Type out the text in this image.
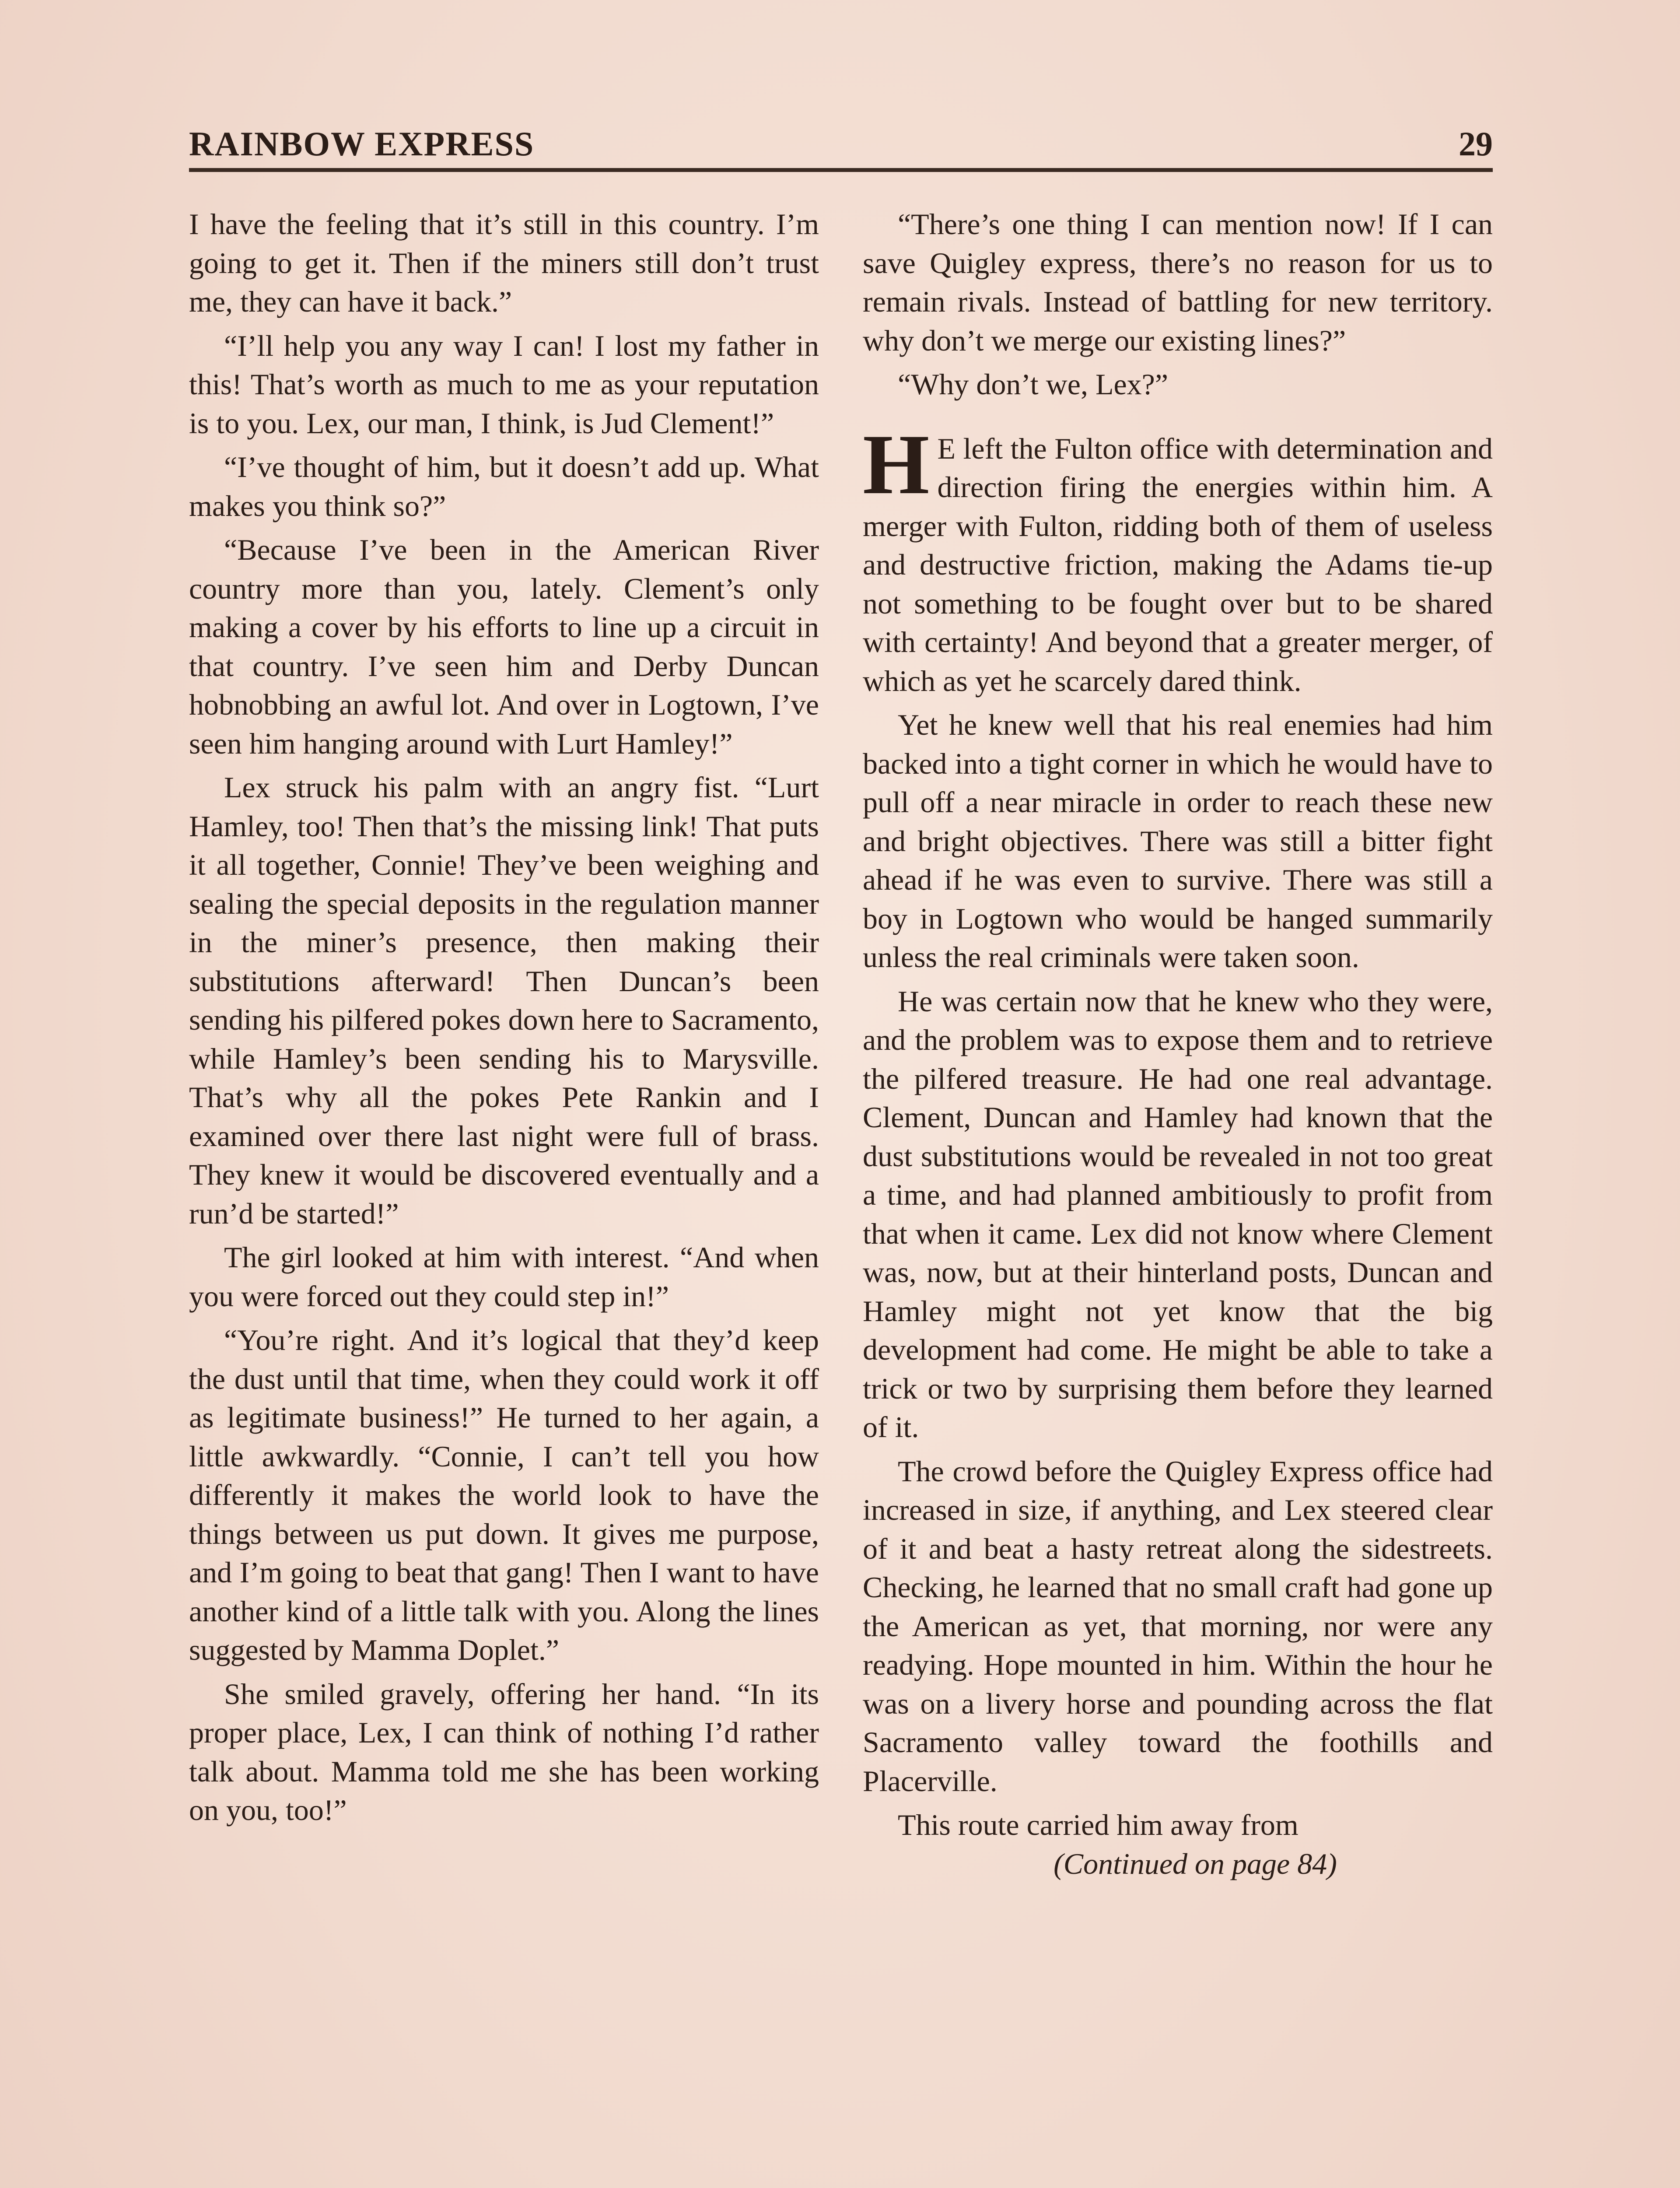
RAINBOW EXPRESS	29

I have the feeling that it’s still in this country. I’m going to get it. Then if the miners still don’t trust me, they can have it back.”

“I’ll help you any way I can! I lost my father in this! That’s worth as much to me as your reputation is to you. Lex, our man, I think, is Jud Clement!”

“I’ve thought of him, but it doesn’t add up. What makes you think so?”

“Because I’ve been in the American River country more than you, lately. Clement’s only making a cover by his efforts to line up a circuit in that country. I’ve seen him and Derby Duncan hobnobbing an awful lot. And over in Logtown, I’ve seen him hanging around with Lurt Hamley!”

Lex struck his palm with an angry fist. “Lurt Hamley, too! Then that’s the missing link! That puts it all together, Connie! They’ve been weighing and sealing the special deposits in the regulation manner in the miner’s presence, then making their substitutions afterward! Then Duncan’s been sending his pilfered pokes down here to Sacramento, while Hamley’s been sending his to Marysville. That’s why all the pokes Pete Rankin and I examined over there last night were full of brass. They knew it would be discovered eventually and a run’d be started!”

The girl looked at him with interest. “And when you were forced out they could step in!”

“You’re right. And it’s logical that they’d keep the dust until that time, when they could work it off as legitimate business!” He turned to her again, a little awkwardly. “Connie, I can’t tell you how differently it makes the world look to have the things between us put down. It gives me purpose, and I’m going to beat that gang! Then I want to have another kind of a little talk with you. Along the lines suggested by Mamma Doplet.”

She smiled gravely, offering her hand. “In its proper place, Lex, I can think of nothing I’d rather talk about. Mamma told me she has been working on you, too!”

“There’s one thing I can mention now! If I can save Quigley express, there’s no reason for us to remain rivals. Instead of battling for new territory. why don’t we merge our existing lines?”

“Why don’t we, Lex?”

H E left the Fulton office with determination and direction firing the energies within him. A merger with Fulton, ridding both of them of useless and destructive friction, making the Adams tie-up not something to be fought over but to be shared with certainty! And beyond that a greater merger, of which as yet he scarcely dared think.

Yet he knew well that his real enemies had him backed into a tight corner in which he would have to pull off a near miracle in order to reach these new and bright objectives. There was still a bitter fight ahead if he was even to survive. There was still a boy in Logtown who would be hanged summarily unless the real criminals were taken soon.

He was certain now that he knew who they were, and the problem was to expose them and to retrieve the pilfered treasure. He had one real advantage. Clement, Duncan and Hamley had known that the dust substitutions would be revealed in not too great a time, and had planned ambitiously to profit from that when it came. Lex did not know where Clement was, now, but at their hinterland posts, Duncan and Hamley might not yet know that the big development had come. He might be able to take a trick or two by surprising them before they learned of it.

The crowd before the Quigley Express office had increased in size, if anything, and Lex steered clear of it and beat a hasty retreat along the sidestreets. Checking, he learned that no small craft had gone up the American as yet, that morning, nor were any readying. Hope mounted in him. Within the hour he was on a livery horse and pounding across the flat Sacramento valley toward the foothills and Placerville.

This route carried him away from

(Continued on page 84)
